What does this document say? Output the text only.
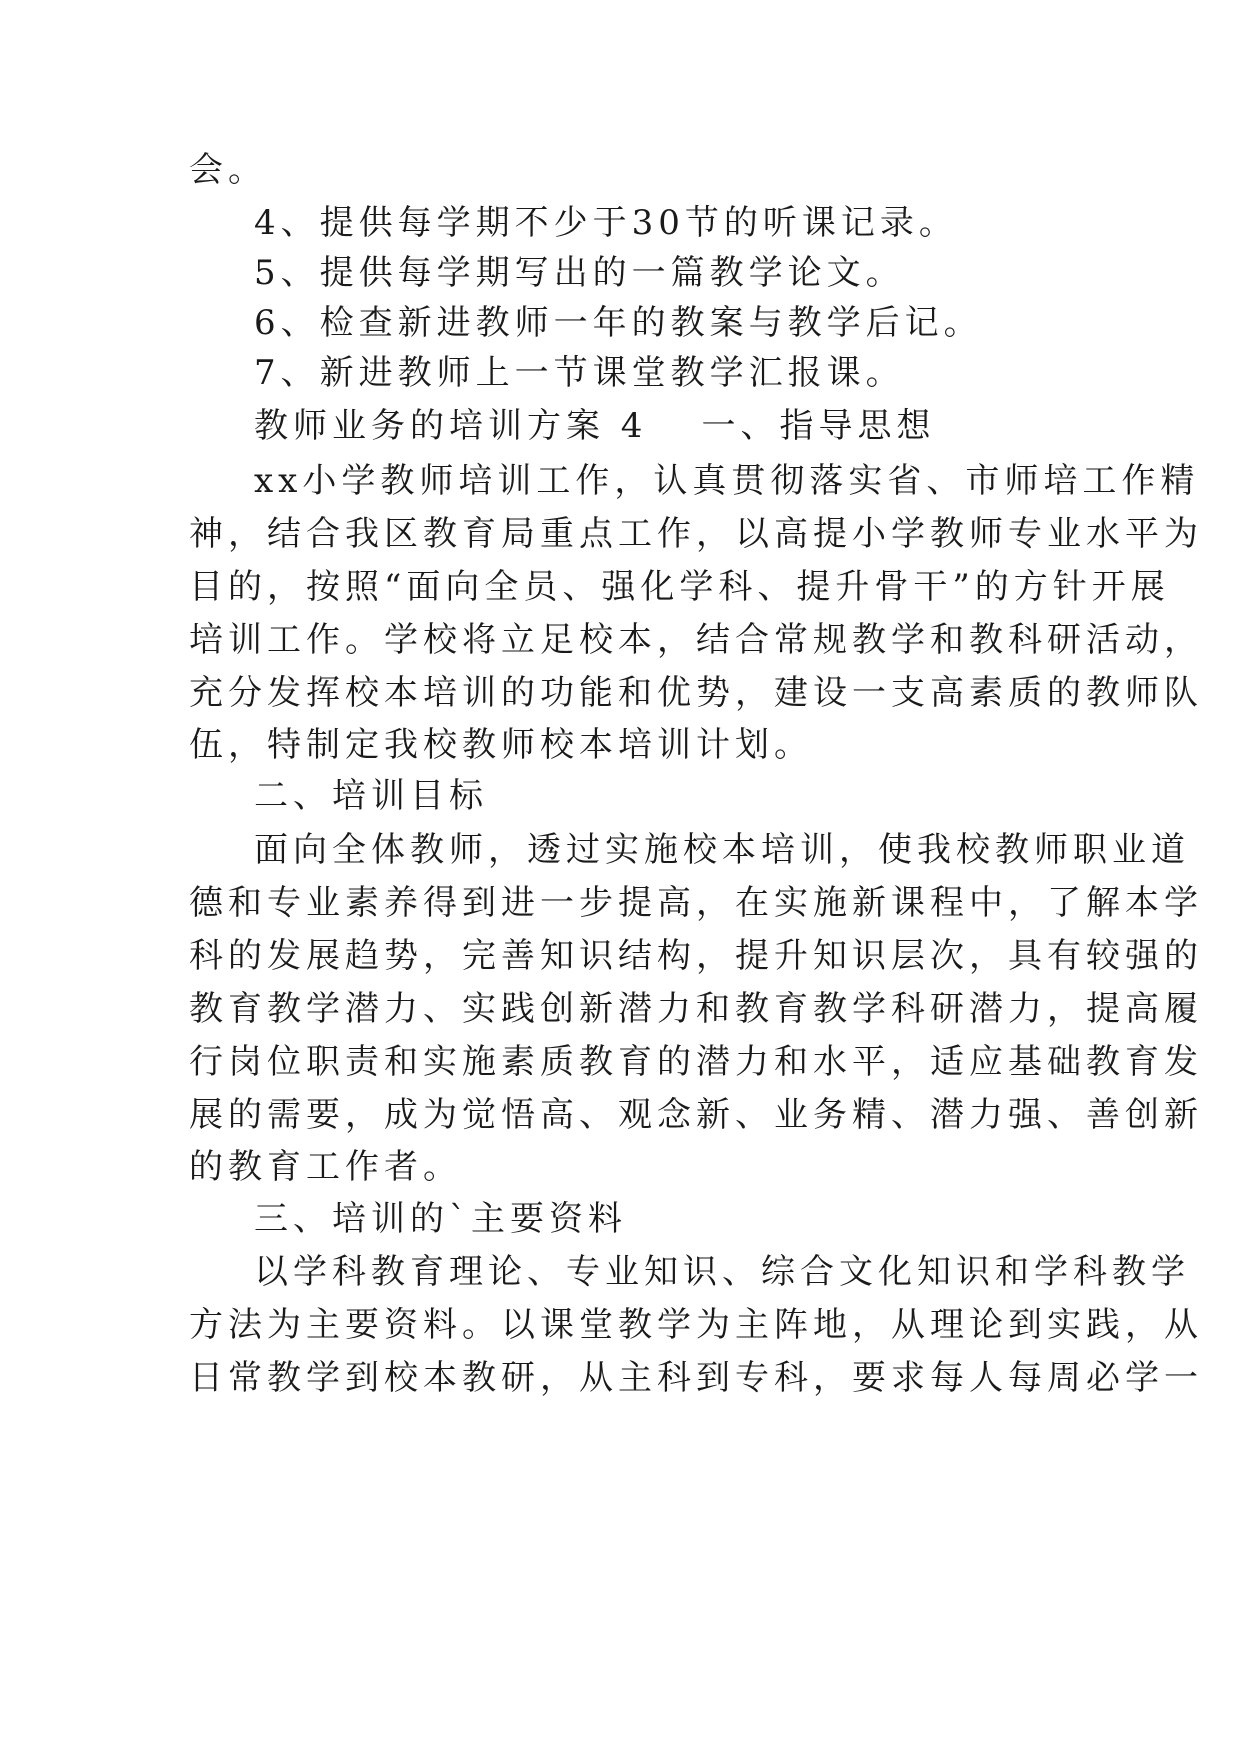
会。

4、提供每学期不少于30节的听课记录。

5、提供每学期写出的一篇教学论文。

6、检查新进教师一年的教案与教学后记。

7、新进教师上一节课堂教学汇报课。

教师业务的培训方案 4 一、指导思想

xx小学教师培训工作，认真贯彻落实省、市师培工作精

神，结合我区教育局重点工作，以高提小学教师专业水平为

目的，按照“面向全员、强化学科、提升骨干”的方针开展

培训工作。学校将立足校本，结合常规教学和教科研活动，

充分发挥校本培训的功能和优势，建设一支高素质的教师队

伍，特制定我校教师校本培训计划。

二、培训目标

面向全体教师，透过实施校本培训，使我校教师职业道

德和专业素养得到进一步提高，在实施新课程中，了解本学

科的发展趋势，完善知识结构，提升知识层次，具有较强的

教育教学潜力、实践创新潜力和教育教学科研潜力，提高履

行岗位职责和实施素质教育的潜力和水平，适应基础教育发

展的需要，成为觉悟高、观念新、业务精、潜力强、善创新

的教育工作者。

三、培训的`主要资料

以学科教育理论、专业知识、综合文化知识和学科教学

方法为主要资料。以课堂教学为主阵地，从理论到实践，从

日常教学到校本教研，从主科到专科，要求每人每周必学一
